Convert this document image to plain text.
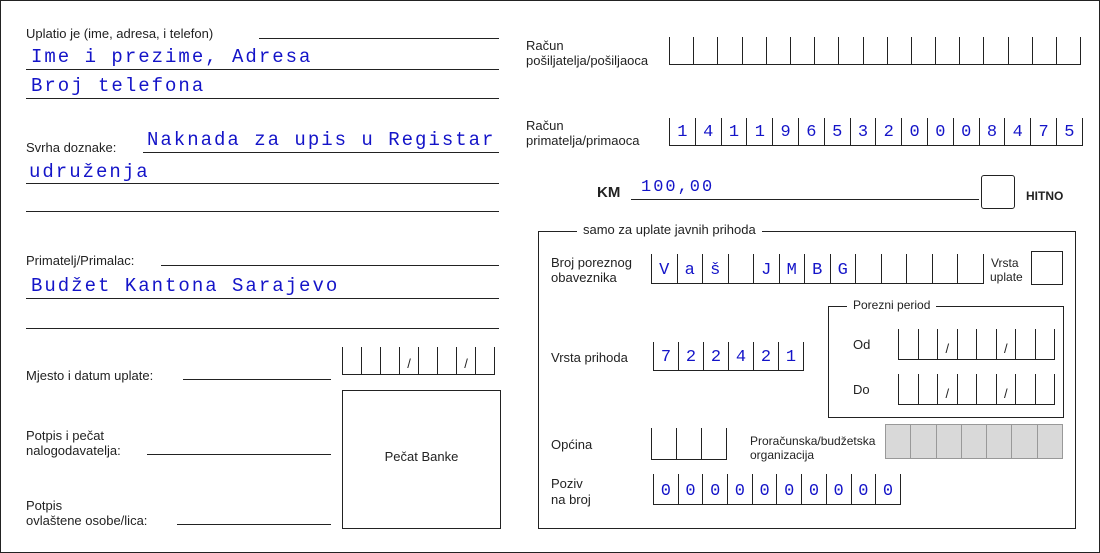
Uplatio je (ime, adresa, i telefon)
Ime i prezime, Adresa
Broj telefona
Svrha doznake: Naknada za upis u Registar
udruženja
Primatelj/Primalac:
Budžet Kantona Sarajevo
Mjesto i datum uplate:
/	/
Potpis i pečat
nalogodavatelja:
Potpis
ovlaštene osobe/lica:
Pečat Banke
Račun
pošiljatelja/pošiljaoca
Račun
primatelja/primaoca	1 4 1 1 9 6 5 3 2 0 0 0 8 4 7 5
KM 100,00	HITNO
samo za uplate javnih prihoda
Broj poreznog
obaveznika	V a š	J M B G	Vrsta
uplate
Porezni period
Od	/	/
Do	/	/
Vrsta prihoda	7 2 2 4 2 1
Općina	Proračunska/budžetska
organizacija
Poziv
na broj	0 0 0 0 0 0 0 0 0 0
